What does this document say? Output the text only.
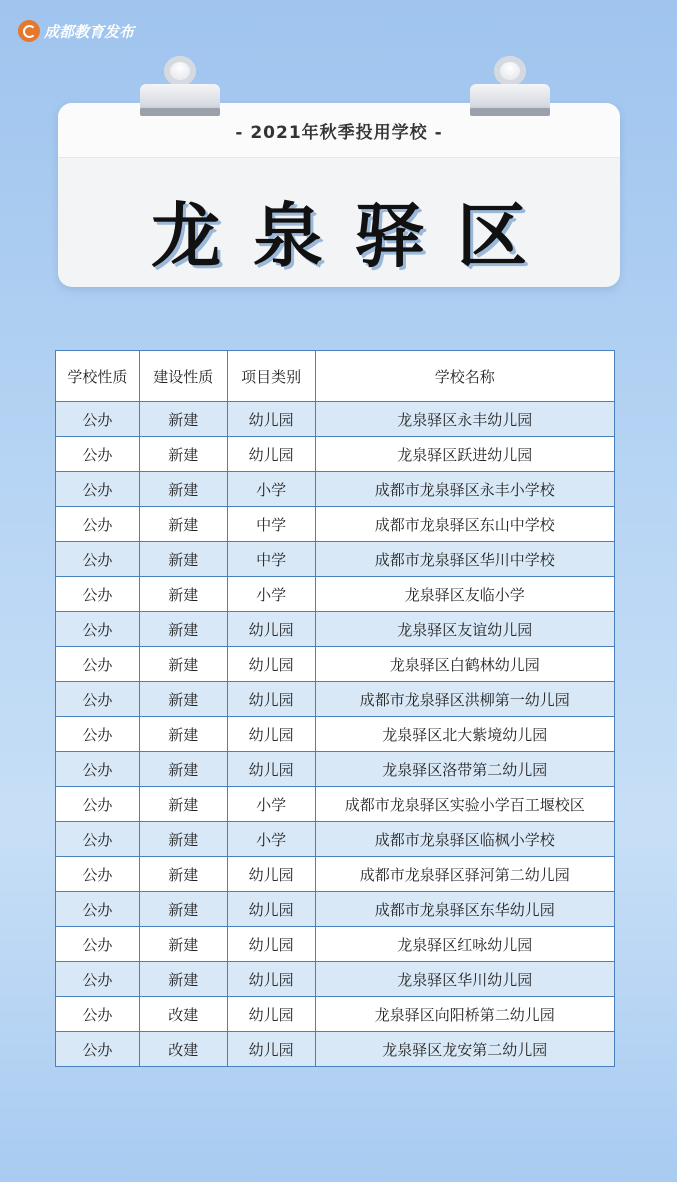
成都教育发布
- 2021年秋季投用学校 -
龙泉驿区
学校性质	建设性质	项目类别	学校名称
公办	新建	幼儿园	龙泉驿区永丰幼儿园
公办	新建	幼儿园	龙泉驿区跃进幼儿园
公办	新建	小学	成都市龙泉驿区永丰小学校
公办	新建	中学	成都市龙泉驿区东山中学校
公办	新建	中学	成都市龙泉驿区华川中学校
公办	新建	小学	龙泉驿区友临小学
公办	新建	幼儿园	龙泉驿区友谊幼儿园
公办	新建	幼儿园	龙泉驿区白鹤林幼儿园
公办	新建	幼儿园	成都市龙泉驿区洪柳第一幼儿园
公办	新建	幼儿园	龙泉驿区北大紫境幼儿园
公办	新建	幼儿园	龙泉驿区洛带第二幼儿园
公办	新建	小学	成都市龙泉驿区实验小学百工堰校区
公办	新建	小学	成都市龙泉驿区临枫小学校
公办	新建	幼儿园	成都市龙泉驿区驿河第二幼儿园
公办	新建	幼儿园	成都市龙泉驿区东华幼儿园
公办	新建	幼儿园	龙泉驿区红咏幼儿园
公办	新建	幼儿园	龙泉驿区华川幼儿园
公办	改建	幼儿园	龙泉驿区向阳桥第二幼儿园
公办	改建	幼儿园	龙泉驿区龙安第二幼儿园
